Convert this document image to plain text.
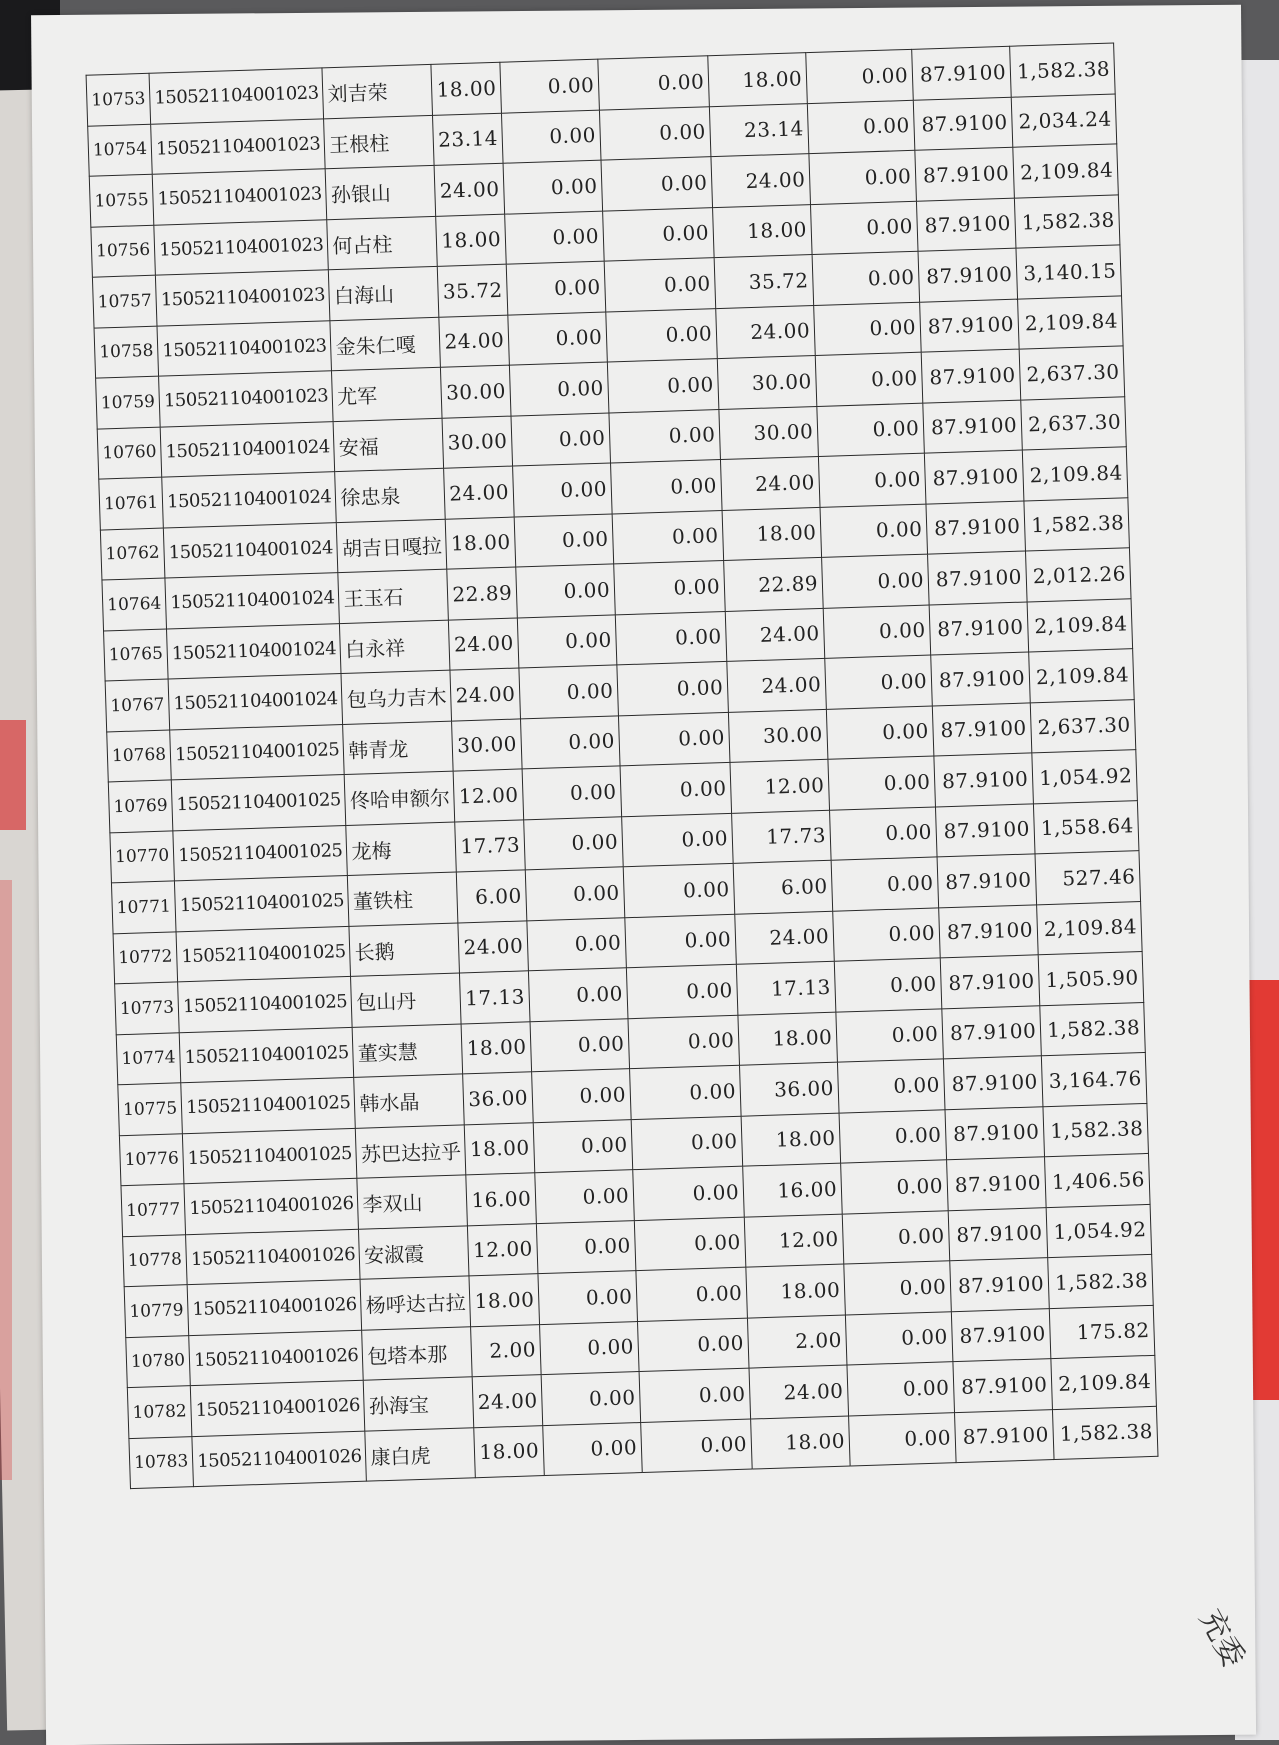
10753	150521104001023	刘吉荣	18.00	0.00	0.00	18.00	0.00	87.9100	1,582.38
10754	150521104001023	王根柱	23.14	0.00	0.00	23.14	0.00	87.9100	2,034.24
10755	150521104001023	孙银山	24.00	0.00	0.00	24.00	0.00	87.9100	2,109.84
10756	150521104001023	何占柱	18.00	0.00	0.00	18.00	0.00	87.9100	1,582.38
10757	150521104001023	白海山	35.72	0.00	0.00	35.72	0.00	87.9100	3,140.15
10758	150521104001023	金朱仁嘎	24.00	0.00	0.00	24.00	0.00	87.9100	2,109.84
10759	150521104001023	尤军	30.00	0.00	0.00	30.00	0.00	87.9100	2,637.30
10760	150521104001024	安福	30.00	0.00	0.00	30.00	0.00	87.9100	2,637.30
10761	150521104001024	徐忠泉	24.00	0.00	0.00	24.00	0.00	87.9100	2,109.84
10762	150521104001024	胡吉日嘎拉	18.00	0.00	0.00	18.00	0.00	87.9100	1,582.38
10764	150521104001024	王玉石	22.89	0.00	0.00	22.89	0.00	87.9100	2,012.26
10765	150521104001024	白永祥	24.00	0.00	0.00	24.00	0.00	87.9100	2,109.84
10767	150521104001024	包乌力吉木	24.00	0.00	0.00	24.00	0.00	87.9100	2,109.84
10768	150521104001025	韩青龙	30.00	0.00	0.00	30.00	0.00	87.9100	2,637.30
10769	150521104001025	佟哈申额尔	12.00	0.00	0.00	12.00	0.00	87.9100	1,054.92
10770	150521104001025	龙梅	17.73	0.00	0.00	17.73	0.00	87.9100	1,558.64
10771	150521104001025	董铁柱	6.00	0.00	0.00	6.00	0.00	87.9100	527.46
10772	150521104001025	长鹅	24.00	0.00	0.00	24.00	0.00	87.9100	2,109.84
10773	150521104001025	包山丹	17.13	0.00	0.00	17.13	0.00	87.9100	1,505.90
10774	150521104001025	董实慧	18.00	0.00	0.00	18.00	0.00	87.9100	1,582.38
10775	150521104001025	韩水晶	36.00	0.00	0.00	36.00	0.00	87.9100	3,164.76
10776	150521104001025	苏巴达拉乎	18.00	0.00	0.00	18.00	0.00	87.9100	1,582.38
10777	150521104001026	李双山	16.00	0.00	0.00	16.00	0.00	87.9100	1,406.56
10778	150521104001026	安淑霞	12.00	0.00	0.00	12.00	0.00	87.9100	1,054.92
10779	150521104001026	杨呼达古拉	18.00	0.00	0.00	18.00	0.00	87.9100	1,582.38
10780	150521104001026	包塔本那	2.00	0.00	0.00	2.00	0.00	87.9100	175.82
10782	150521104001026	孙海宝	24.00	0.00	0.00	24.00	0.00	87.9100	2,109.84
10783	150521104001026	康白虎	18.00	0.00	0.00	18.00	0.00	87.9100	1,582.38
充委
